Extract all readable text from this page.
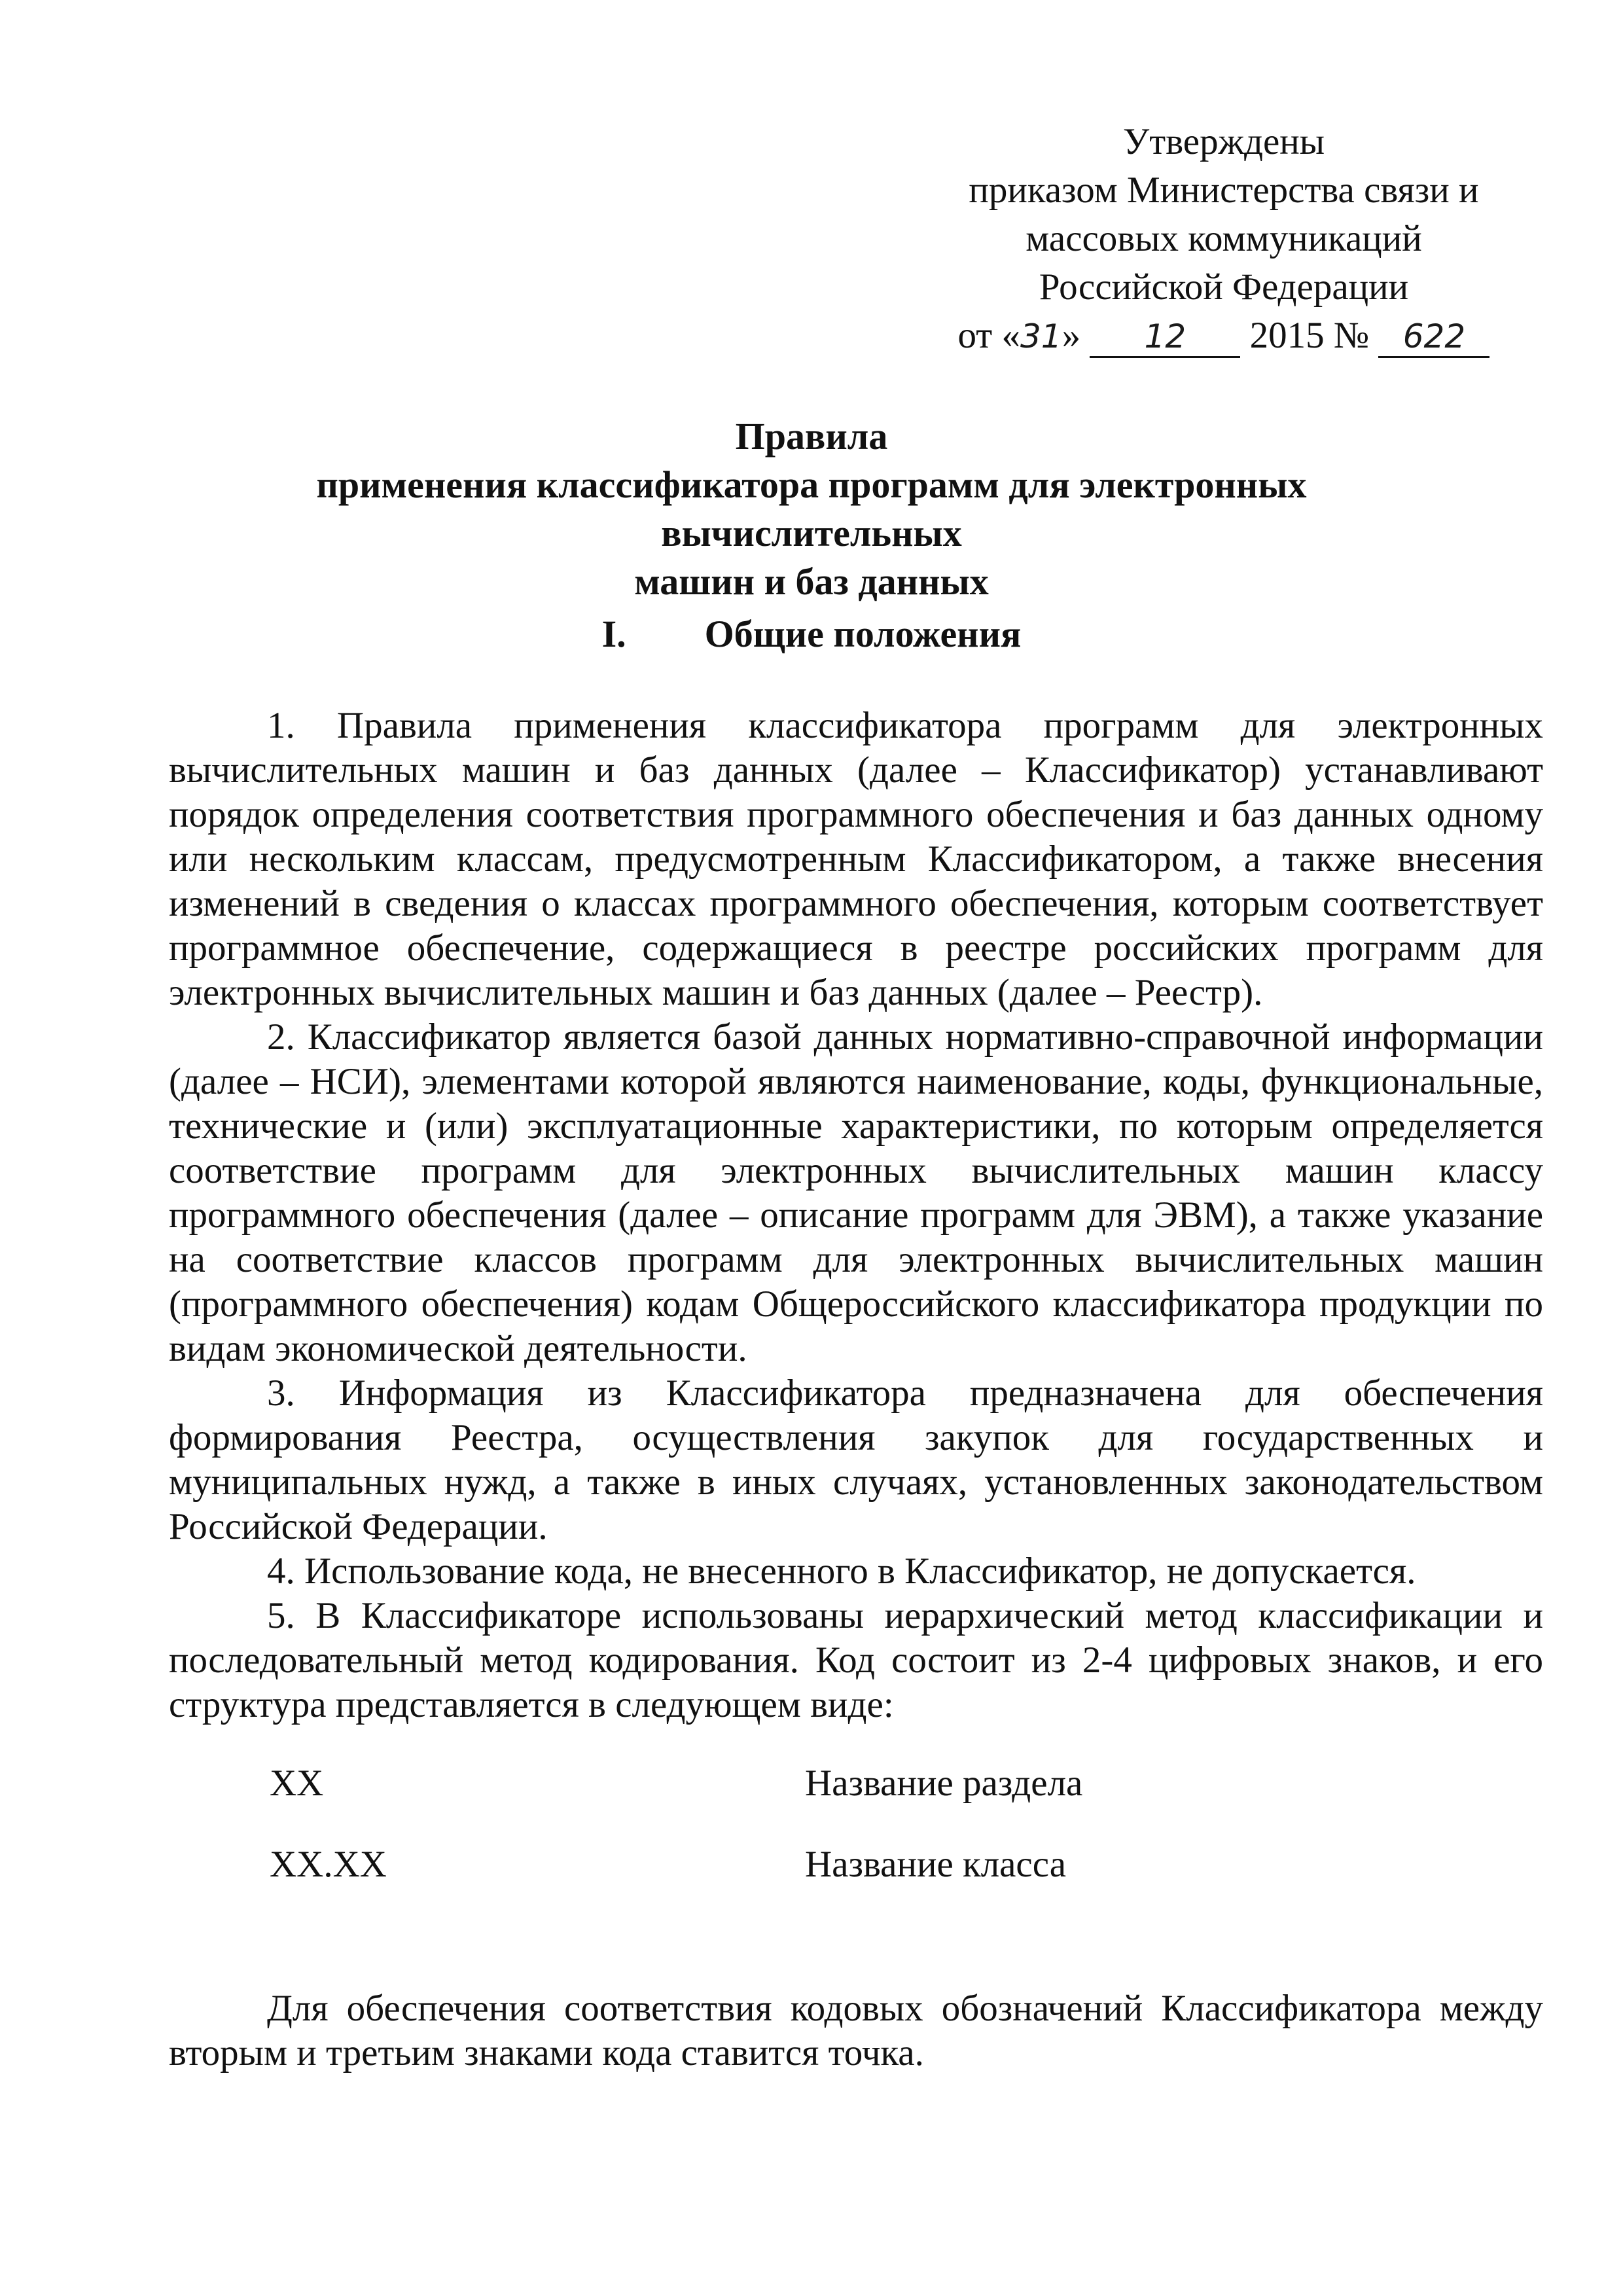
Утверждены
приказом Министерства связи и
массовых коммуникаций
Российской Федерации
от «31» 12 2015 № 622
Правила
применения классификатора программ для электронных вычислительных
машин и баз данных
I. Общие положения

1. Правила применения классификатора программ для электронных вычислительных машин и баз данных (далее – Классификатор) устанавливают порядок определения соответствия программного обеспечения и баз данных одному или нескольким классам, предусмотренным Классификатором, а также внесения изменений в сведения о классах программного обеспечения, которым соответствует программное обеспечение, содержащиеся в реестре российских программ для электронных вычислительных машин и баз данных (далее – Реестр).

2. Классификатор является базой данных нормативно-справочной информации (далее – НСИ), элементами которой являются наименование, коды, функциональные, технические и (или) эксплуатационные характеристики, по которым определяется соответствие программ для электронных вычислительных машин классу программного обеспечения (далее – описание программ для ЭВМ), а также указание на соответствие классов программ для электронных вычислительных машин (программного обеспечения) кодам Общероссийского классификатора продукции по видам экономической деятельности.

3. Информация из Классификатора предназначена для обеспечения формирования Реестра, осуществления закупок для государственных и муниципальных нужд, а также в иных случаях, установленных законодательством Российской Федерации.

4. Использование кода, не внесенного в Классификатор, не допускается.

5. В Классификаторе использованы иерархический метод классификации и последовательный метод кодирования. Код состоит из 2-4 цифровых знаков, и его структура представляется в следующем виде:

XX	Название раздела
XX.XX	Название класса

Для обеспечения соответствия кодовых обозначений Классификатора между вторым и третьим знаками кода ставится точка.
